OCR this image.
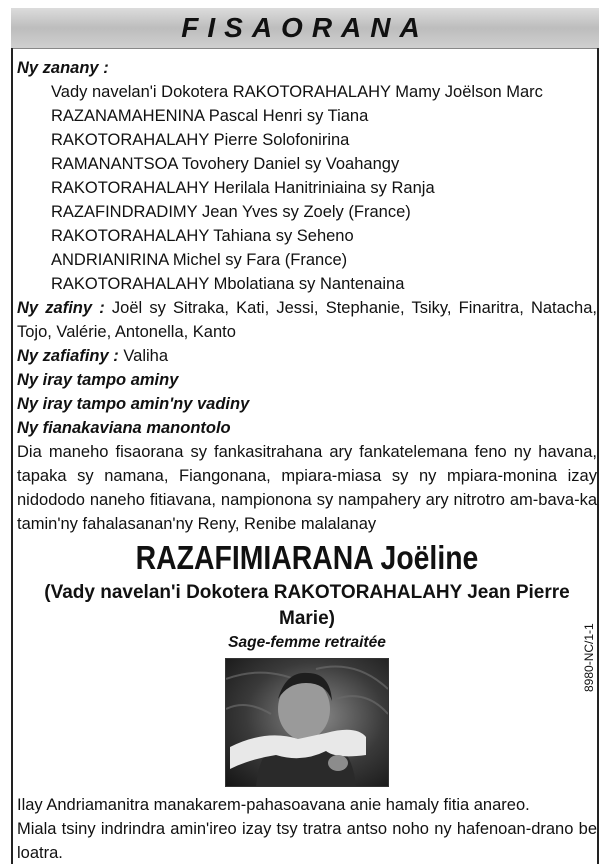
FISAORANA
Ny zanany :
Vady navelan'i Dokotera RAKOTORAHALAHY Mamy Joëlson Marc
RAZANAMAHENINA Pascal Henri sy Tiana
RAKOTORAHALAHY Pierre Solofonirina
RAMANANTSOA Tovohery Daniel sy Voahangy
RAKOTORAHALAHY Herilala Hanitriniaina sy Ranja
RAZAFINDRADIMY Jean Yves sy Zoely (France)
RAKOTORAHALAHY Tahiana sy Seheno
ANDRIANIRINA Michel sy Fara (France)
RAKOTORAHALAHY Mbolatiana sy Nantenaina
Ny zafiny : Joël sy Sitraka, Kati, Jessi, Stephanie, Tsiky, Finaritra, Natacha, Tojo, Valérie, Antonella, Kanto
Ny zafiafiny : Valiha
Ny iray tampo aminy
Ny iray tampo amin'ny vadiny
Ny fianakaviana manontolo
Dia maneho fisaorana sy fankasitrahana ary fankatelemana feno ny havana, tapaka sy namana, Fiangonana, mpiara-miasa sy ny mpiara-monina izay nidododo naneho fitiavana, nampionona sy nampahery ary nitrotro am-bava-ka tamin'ny fahalasanan'ny Reny, Renibe malalanay
RAZAFIMIARANA Joëline
(Vady navelan'i Dokotera RAKOTORAHALAHY Jean Pierre Marie)
Sage-femme retraitée
Ilay Andriamanitra manakarem-pahasoavana anie hamaly fitia anareo.
Miala tsiny indrindra amin'ireo izay tsy tratra antso noho ny hafenoan-drano be loatra.
8980-NC/1-1
